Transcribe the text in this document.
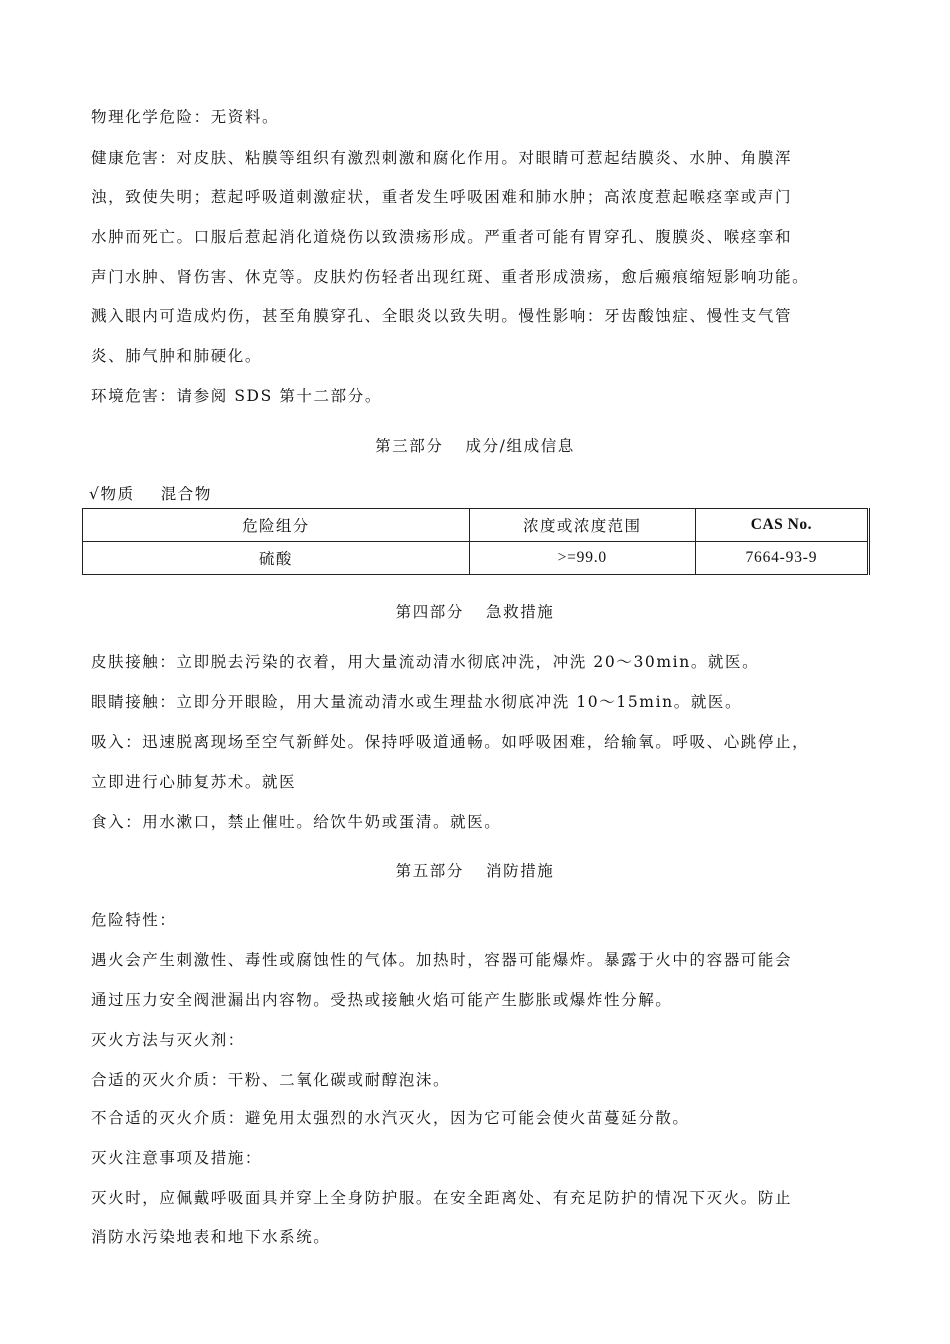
物理化学危险：无资料。
健康危害：对皮肤、粘膜等组织有激烈刺激和腐化作用。对眼睛可惹起结膜炎、水肿、角膜浑
浊，致使失明；惹起呼吸道刺激症状，重者发生呼吸困难和肺水肿；高浓度惹起喉痉挛或声门
水肿而死亡。口服后惹起消化道烧伤以致溃疡形成。严重者可能有胃穿孔、腹膜炎、喉痉挛和
声门水肿、肾伤害、休克等。皮肤灼伤轻者出现红斑、重者形成溃疡，愈后瘢痕缩短影响功能。
溅入眼内可造成灼伤，甚至角膜穿孔、全眼炎以致失明。慢性影响：牙齿酸蚀症、慢性支气管
炎、肺气肿和肺硬化。
环境危害：请参阅 SDS 第十二部分。
第三部分 成分/组成信息
√物质 混合物
危险组分	浓度或浓度范围	CAS No.
硫酸	>=99.0	7664-93-9
第四部分 急救措施
皮肤接触：立即脱去污染的衣着，用大量流动清水彻底冲洗，冲洗 20～30min。就医。
眼睛接触：立即分开眼睑，用大量流动清水或生理盐水彻底冲洗 10～15min。就医。
吸入：迅速脱离现场至空气新鲜处。保持呼吸道通畅。如呼吸困难，给输氧。呼吸、心跳停止，
立即进行心肺复苏术。就医
食入：用水漱口，禁止催吐。给饮牛奶或蛋清。就医。
第五部分 消防措施
危险特性：
遇火会产生刺激性、毒性或腐蚀性的气体。加热时，容器可能爆炸。暴露于火中的容器可能会
通过压力安全阀泄漏出内容物。受热或接触火焰可能产生膨胀或爆炸性分解。
灭火方法与灭火剂：
合适的灭火介质：干粉、二氧化碳或耐醇泡沫。
不合适的灭火介质：避免用太强烈的水汽灭火，因为它可能会使火苗蔓延分散。
灭火注意事项及措施：
灭火时，应佩戴呼吸面具并穿上全身防护服。在安全距离处、有充足防护的情况下灭火。防止
消防水污染地表和地下水系统。
